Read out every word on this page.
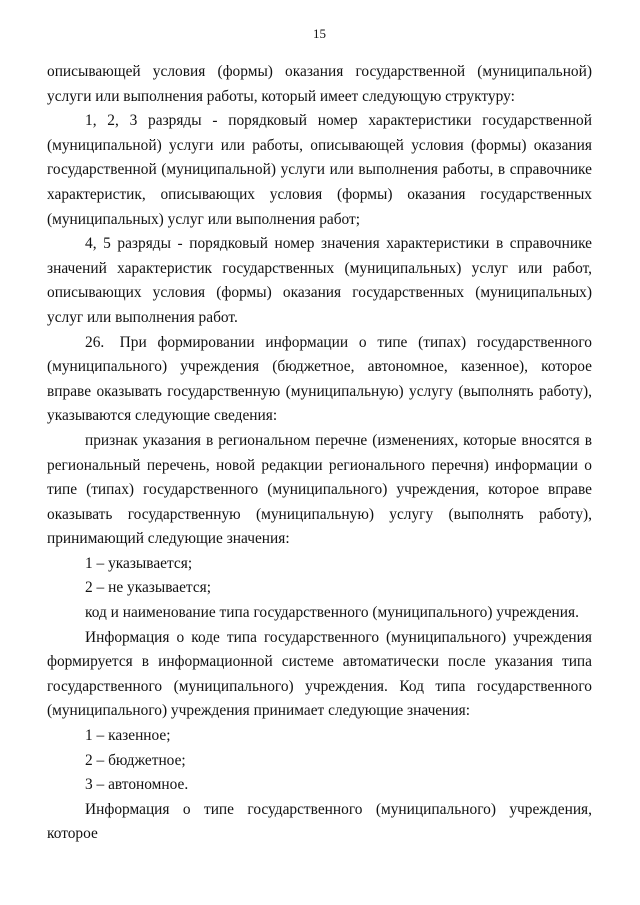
15

описывающей условия (формы) оказания государственной (муниципальной) услуги или выполнения работы, который имеет следующую структуру:

1, 2, 3 разряды - порядковый номер характеристики государственной (муниципальной) услуги или работы, описывающей условия (формы) оказания государственной (муниципальной) услуги или выполнения работы, в справочнике характеристик, описывающих условия (формы) оказания государственных (муниципальных) услуг или выполнения работ;

4, 5 разряды - порядковый номер значения характеристики в справочнике значений характеристик государственных (муниципальных) услуг или работ, описывающих условия (формы) оказания государственных (муниципальных) услуг или выполнения работ.

26. При формировании информации о типе (типах) государственного (муниципального) учреждения (бюджетное, автономное, казенное), которое вправе оказывать государственную (муниципальную) услугу (выполнять работу), указываются следующие сведения:

признак указания в региональном перечне (изменениях, которые вносятся в региональный перечень, новой редакции регионального перечня) информации о типе (типах) государственного (муниципального) учреждения, которое вправе оказывать государственную (муниципальную) услугу (выполнять работу), принимающий следующие значения:

1 – указывается;

2 – не указывается;

код и наименование типа государственного (муниципального) учреждения.

Информация о коде типа государственного (муниципального) учреждения формируется в информационной системе автоматически после указания типа государственного (муниципального) учреждения. Код типа государственного (муниципального) учреждения принимает следующие значения:

1 – казенное;

2 – бюджетное;

3 – автономное.

Информация о типе государственного (муниципального) учреждения, которое
